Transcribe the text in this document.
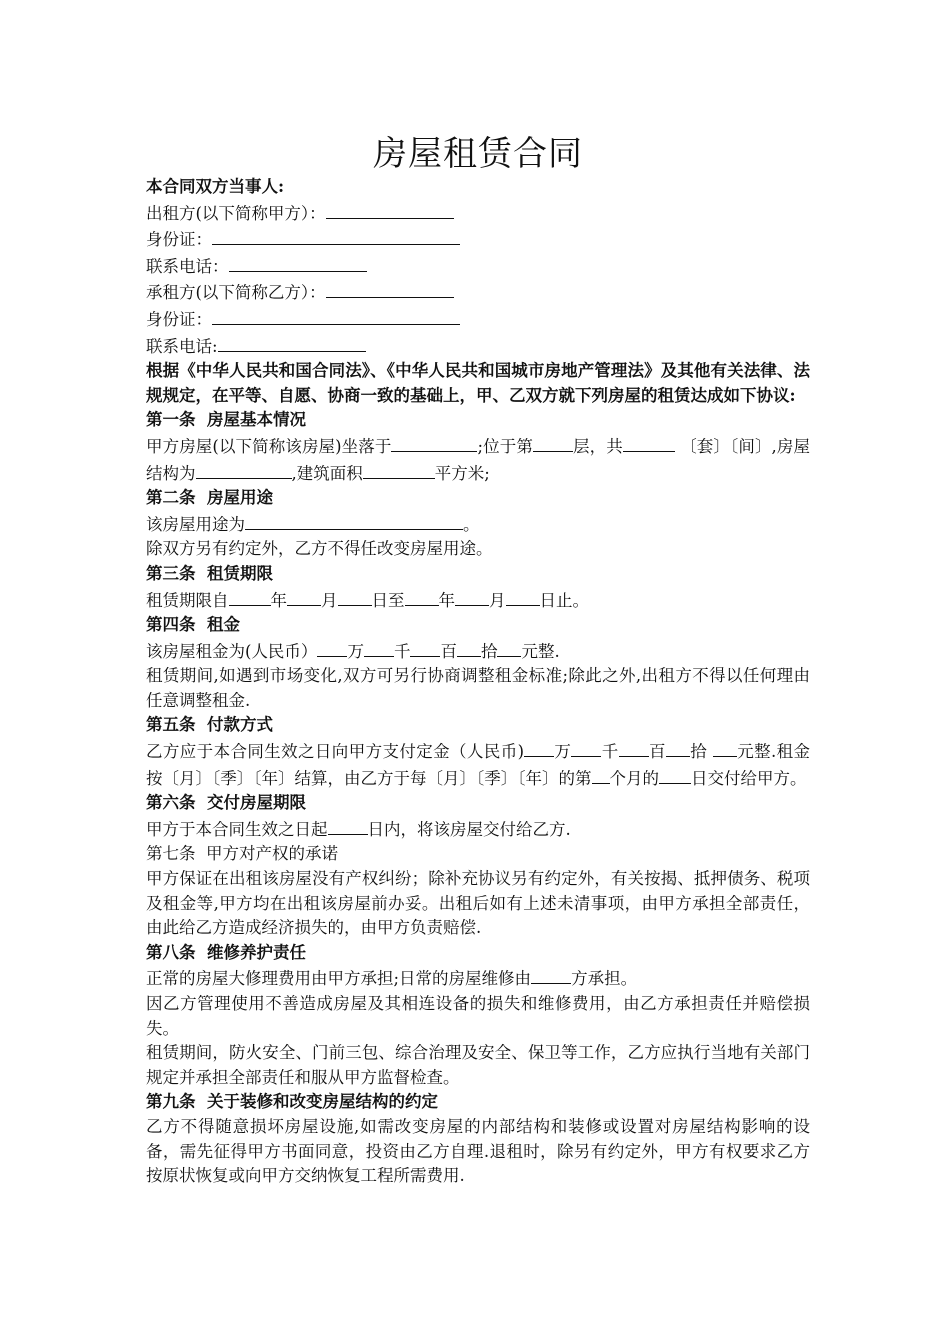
房屋租赁合同
本合同双方当事人:
出租方(以下简称甲方）：
身份证：
联系电话：
承租方(以下简称乙方）：
身份证：
联系电话:
根据《中华人民共和国合同法》、《中华人民共和国城市房地产管理法》及其他有关法律、法规规定，在平等、自愿、协商一致的基础上，甲、乙双方就下列房屋的租赁达成如下协议:
第一条  房屋基本情况
甲方房屋(以下简称该房屋)坐落于	;位于第 层，共	〔套〕〔间〕,房屋结构为	,建筑面积	平方米;
第二条  房屋用途
该房屋用途为	。
除双方另有约定外，乙方不得任改变房屋用途。
第三条  租赁期限
租赁期限自	年 月 日至 年 月 日止。
第四条  租金
该房屋租金为(人民币） 万 千 百 拾 元整.
租赁期间,如遇到市场变化,双方可另行协商调整租金标准;除此之外,出租方不得以任何理由任意调整租金.
第五条  付款方式
乙方应于本合同生效之日向甲方支付定金（人民币) 万 千 百 拾 元整.租金按〔月〕〔季〕〔年〕结算，由乙方于每〔月〕〔季〕〔年〕的第 个月的 日交付给甲方。
第六条  交付房屋期限
甲方于本合同生效之日起 日内，将该房屋交付给乙方.
第七条  甲方对产权的承诺
甲方保证在出租该房屋没有产权纠纷；除补充协议另有约定外，有关按揭、抵押债务、税项及租金等,甲方均在出租该房屋前办妥。出租后如有上述未清事项，由甲方承担全部责任，由此给乙方造成经济损失的，由甲方负责赔偿.
第八条  维修养护责任
正常的房屋大修理费用由甲方承担;日常的房屋维修由 方承担。
因乙方管理使用不善造成房屋及其相连设备的损失和维修费用，由乙方承担责任并赔偿损失。
租赁期间，防火安全、门前三包、综合治理及安全、保卫等工作，乙方应执行当地有关部门规定并承担全部责任和服从甲方监督检查。
第九条  关于装修和改变房屋结构的约定
乙方不得随意损坏房屋设施,如需改变房屋的内部结构和装修或设置对房屋结构影响的设备，需先征得甲方书面同意，投资由乙方自理.退租时，除另有约定外，甲方有权要求乙方按原状恢复或向甲方交纳恢复工程所需费用.
